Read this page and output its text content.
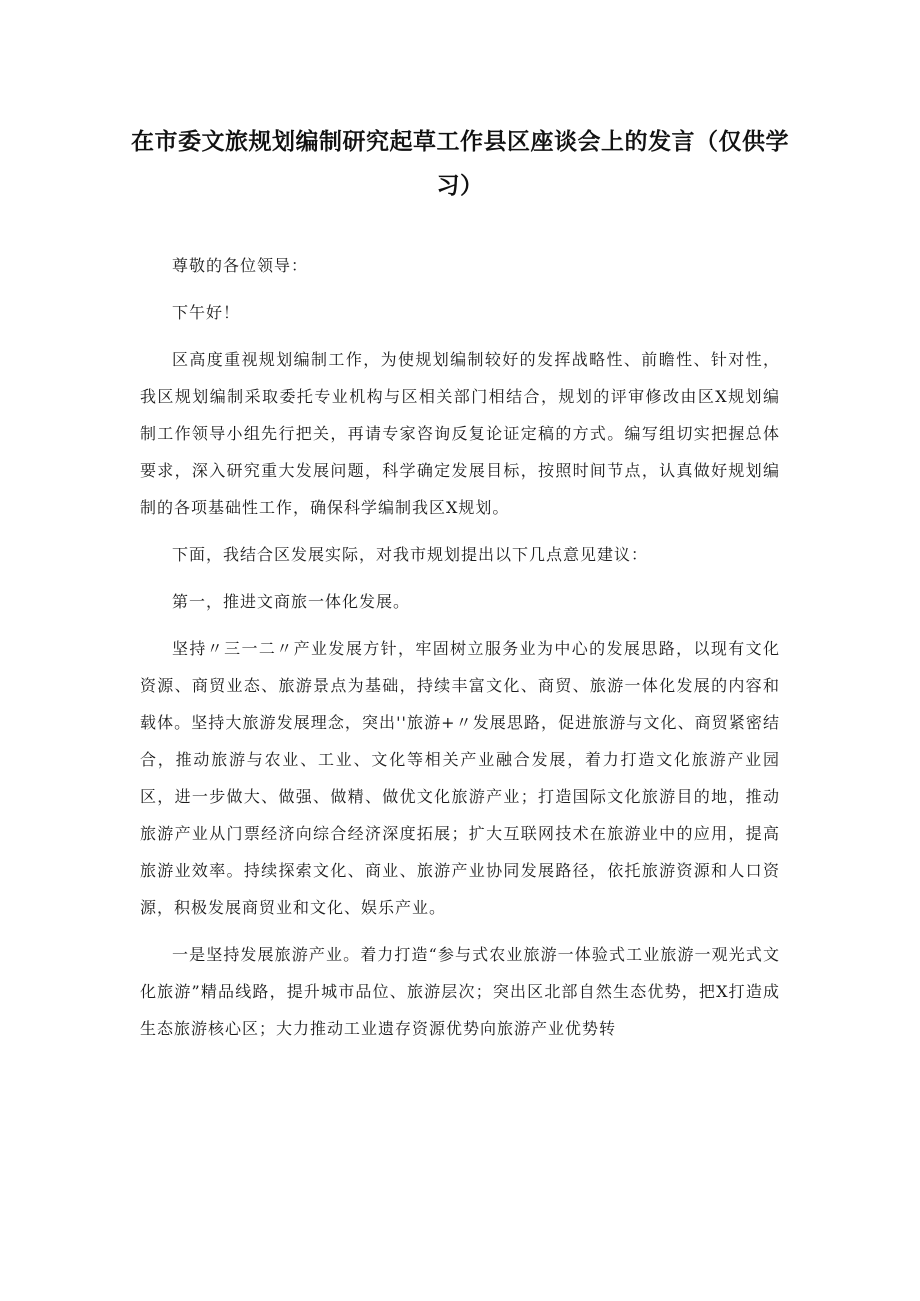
在市委文旅规划编制研究起草工作县区座谈会上的发言（仅供学习）

尊敬的各位领导：

下午好！

区高度重视规划编制工作，为使规划编制较好的发挥战略性、前瞻性、针对性，我区规划编制采取委托专业机构与区相关部门相结合，规划的评审修改由区X规划编制工作领导小组先行把关，再请专家咨询反复论证定稿的方式。编写组切实把握总体要求，深入研究重大发展问题，科学确定发展目标，按照时间节点，认真做好规划编制的各项基础性工作，确保科学编制我区X规划。

下面，我结合区发展实际，对我市规划提出以下几点意见建议：

第一，推进文商旅一体化发展。

坚持〃三一二〃产业发展方针，牢固树立服务业为中心的发展思路，以现有文化资源、商贸业态、旅游景点为基础，持续丰富文化、商贸、旅游一体化发展的内容和载体。坚持大旅游发展理念，突出''旅游+〃发展思路，促进旅游与文化、商贸紧密结合，推动旅游与农业、工业、文化等相关产业融合发展，着力打造文化旅游产业园区，进一步做大、做强、做精、做优文化旅游产业；打造国际文化旅游目的地，推动旅游产业从门票经济向综合经济深度拓展；扩大互联网技术在旅游业中的应用，提高旅游业效率。持续探索文化、商业、旅游产业协同发展路径，依托旅游资源和人口资源，积极发展商贸业和文化、娱乐产业。

一是坚持发展旅游产业。着力打造“参与式农业旅游一体验式工业旅游一观光式文化旅游”精品线路，提升城市品位、旅游层次；突出区北部自然生态优势，把X打造成生态旅游核心区；大力推动工业遗存资源优势向旅游产业优势转
